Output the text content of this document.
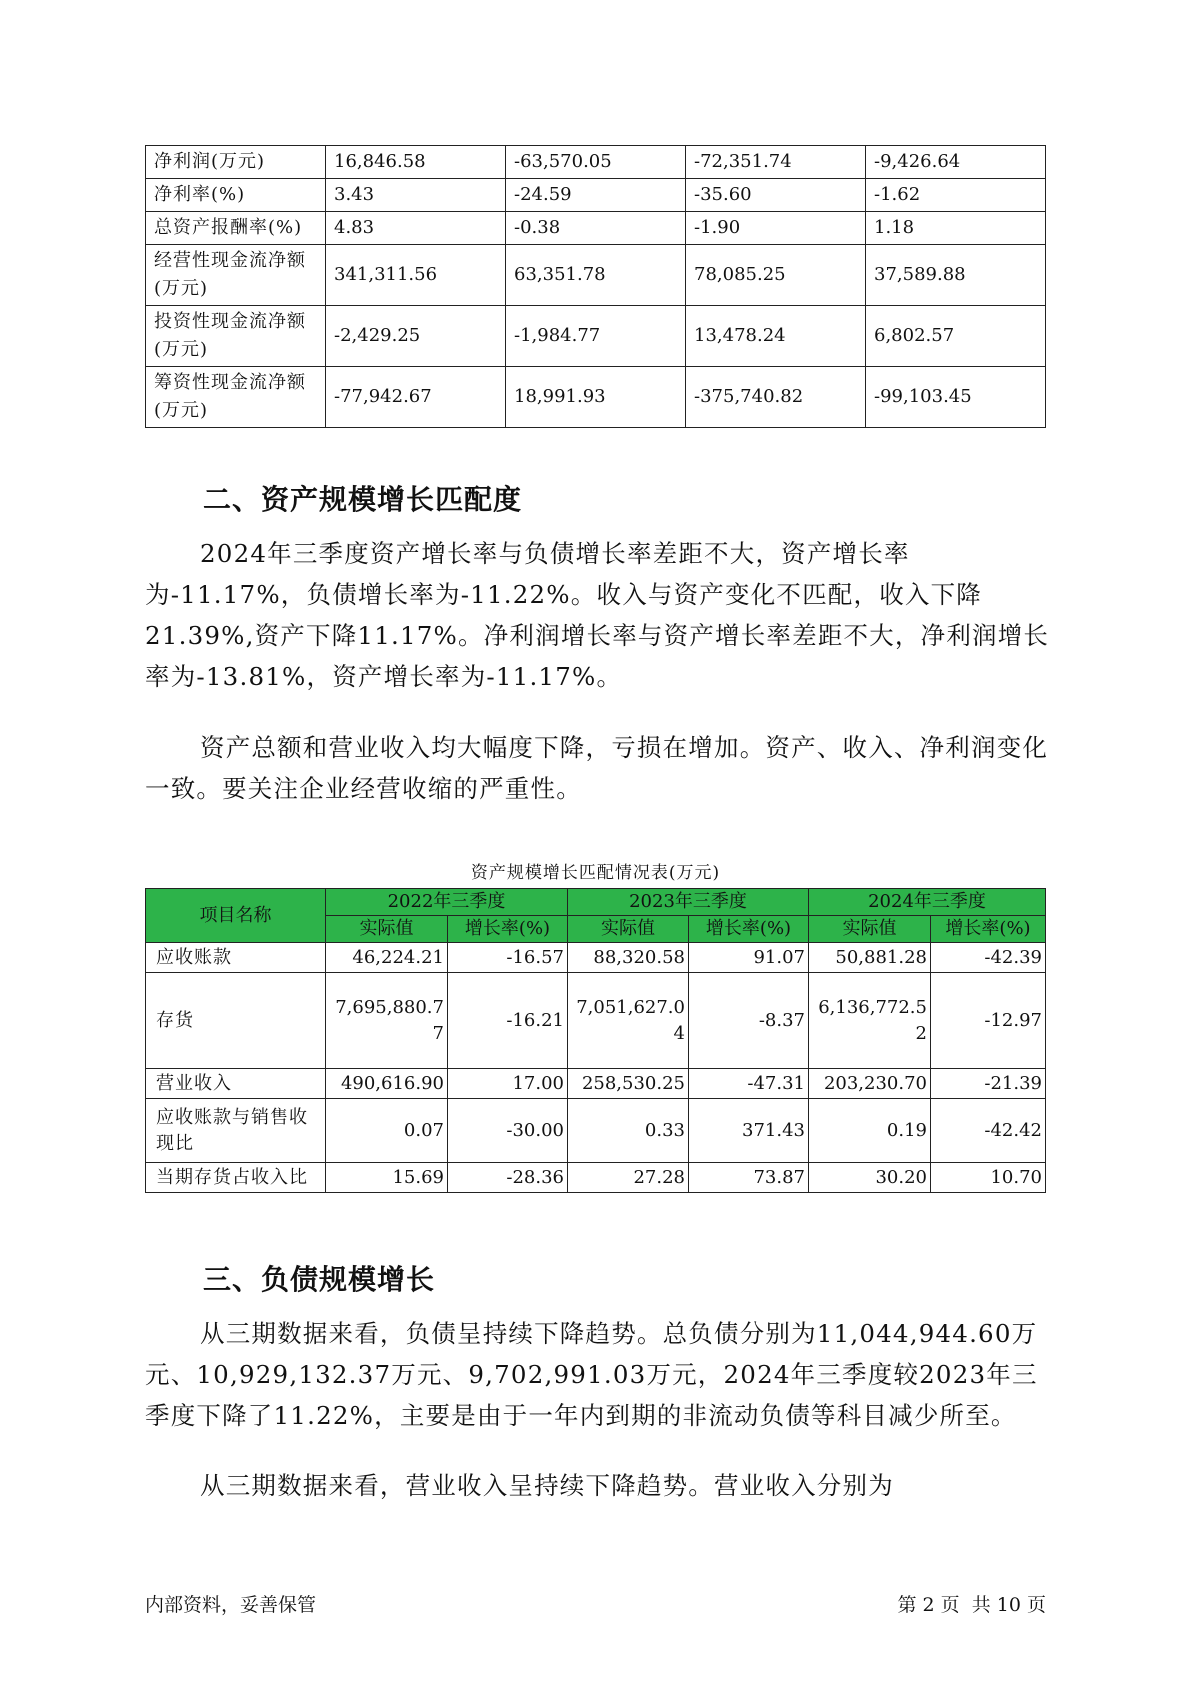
净利润(万元)	16,846.58	-63,570.05	-72,351.74	-9,426.64
净利率(%)	3.43	-24.59	-35.60	-1.62
总资产报酬率(%)	4.83	-0.38	-1.90	1.18
经营性现金流净额(万元)	341,311.56	63,351.78	78,085.25	37,589.88
投资性现金流净额(万元)	-2,429.25	-1,984.77	13,478.24	6,802.57
筹资性现金流净额(万元)	-77,942.67	18,991.93	-375,740.82	-99,103.45
二、资产规模增长匹配度
2024年三季度资产增长率与负债增长率差距不大，资产增长率为-11.17%，负债增长率为-11.22%。收入与资产变化不匹配，收入下降21.39%,资产下降11.17%。净利润增长率与资产增长率差距不大，净利润增长率为-13.81%，资产增长率为-11.17%。
资产总额和营业收入均大幅度下降，亏损在增加。资产、收入、净利润变化一致。要关注企业经营收缩的严重性。
资产规模增长匹配情况表(万元)
项目名称	2022年三季度		2023年三季度		2024年三季度	
	实际值	增长率(%)	实际值	增长率(%)	实际值	增长率(%)
应收账款	46,224.21	-16.57	88,320.58	91.07	50,881.28	-42.39
存货	7,695,880.77	-16.21	7,051,627.04	-8.37	6,136,772.52	-12.97
营业收入	490,616.90	17.00	258,530.25	-47.31	203,230.70	-21.39
应收账款与销售收现比	0.07	-30.00	0.33	371.43	0.19	-42.42
当期存货占收入比	15.69	-28.36	27.28	73.87	30.20	10.70
三、负债规模增长
从三期数据来看，负债呈持续下降趋势。总负债分别为11,044,944.60万元、10,929,132.37万元、9,702,991.03万元，2024年三季度较2023年三季度下降了11.22%，主要是由于一年内到期的非流动负债等科目减少所至。
从三期数据来看，营业收入呈持续下降趋势。营业收入分别为
内部资料，妥善保管	第 2 页  共 10 页
